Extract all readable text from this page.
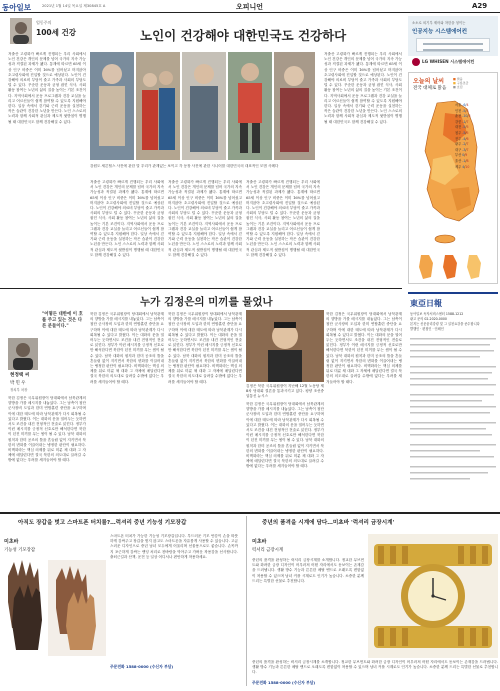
동아일보	2021년 1월 14일 목요일 제30845호 A	오피니언	A29
엄동주의
100세 건강	노인이 건강해야 대한민국도 건강하다

강원도 세븐힐스 사진에 관한 말 우리가 관계있는 보이고 각 동장 사진에 관한 시니어를 대한민국의 대표적인 모범 사례다

저출산 고령화가 빠르게 진행되는 우리 사회에서 노인 건강은 개인의 문제를 넘어 국가의 지속 가능성과 직결된 과제가 됐다. 통계에 따르면 65세 이상 인구 비중은 이미 16%를 넘어섰고 머지않아 초고령사회에 진입할 것으로 예상된다. 노인이 건강해야 의료비 부담이 줄고 가족과 사회의 부담도 덜 수 있다. 꾸준한 운동과 균형 잡힌 식사, 사회 활동 참여는 노년의 삶의 질을 높이는 기본 조건이다. 지역사회에서 운동 프로그램과 건강 교실을 늘리고 어르신들이 쉽게 참여할 수 있도록 지원해야 한다. 일상 속에서 걷기와 근력 운동을 실천하는 작은 습관이 건강한 노년을 만든다. 노인 스스로의 노력과 함께 사회적 관심과 제도적 뒷받침이 병행될 때 대한민국도 함께 건강해질 수 있다.

저출산 고령화가 빠르게 진행되는 우리 사회에서 노인 건강은 개인의 문제를 넘어 국가의 지속 가능성과 직결된 과제가 됐다. 통계에 따르면 65세 이상 인구 비중은 이미 16%를 넘어섰고 머지않아 초고령사회에 진입할 것으로 예상된다. 노인이 건강해야 의료비 부담이 줄고 가족과 사회의 부담도 덜 수 있다. 꾸준한 운동과 균형 잡힌 식사, 사회 활동 참여는 노년의 삶의 질을 높이는 기본 조건이다. 지역사회에서 운동 프로그램과 건강 교실을 늘리고 어르신들이 쉽게 참여할 수 있도록 지원해야 한다. 일상 속에서 걷기와 근력 운동을 실천하는 작은 습관이 건강한 노년을 만든다. 노인 스스로의 노력과 함께 사회적 관심과 제도적 뒷받침이 병행될 때 대한민국도 함께 건강해질 수 있다.

저출산 고령화가 빠르게 진행되는 우리 사회에서 노인 건강은 개인의 문제를 넘어 국가의 지속 가능성과 직결된 과제가 됐다. 통계에 따르면 65세 이상 인구 비중은 이미 16%를 넘어섰고 머지않아 초고령사회에 진입할 것으로 예상된다. 노인이 건강해야 의료비 부담이 줄고 가족과 사회의 부담도 덜 수 있다. 꾸준한 운동과 균형 잡힌 식사, 사회 활동 참여는 노년의 삶의 질을 높이는 기본 조건이다. 지역사회에서 운동 프로그램과 건강 교실을 늘리고 어르신들이 쉽게 참여할 수 있도록 지원해야 한다. 일상 속에서 걷기와 근력 운동을 실천하는 작은 습관이 건강한 노년을 만든다. 노인 스스로의 노력과 함께 사회적 관심과 제도적 뒷받침이 병행될 때 대한민국도 함께 건강해질 수 있다.

저출산 고령화가 빠르게 진행되는 우리 사회에서 노인 건강은 개인의 문제를 넘어 국가의 지속 가능성과 직결된 과제가 됐다. 통계에 따르면 65세 이상 인구 비중은 이미 16%를 넘어섰고 머지않아 초고령사회에 진입할 것으로 예상된다. 노인이 건강해야 의료비 부담이 줄고 가족과 사회의 부담도 덜 수 있다. 꾸준한 운동과 균형 잡힌 식사, 사회 활동 참여는 노년의 삶의 질을 높이는 기본 조건이다. 지역사회에서 운동 프로그램과 건강 교실을 늘리고 어르신들이 쉽게 참여할 수 있도록 지원해야 한다. 일상 속에서 걷기와 근력 운동을 실천하는 작은 습관이 건강한 노년을 만든다. 노인 스스로의 노력과 함께 사회적 관심과 제도적 뒷받침이 병행될 때 대한민국도 함께 건강해질 수 있다.

저출산 고령화가 빠르게 진행되는 우리 사회에서 노인 건강은 개인의 문제를 넘어 국가의 지속 가능성과 직결된 과제가 됐다. 통계에 따르면 65세 이상 인구 비중은 이미 16%를 넘어섰고 머지않아 초고령사회에 진입할 것으로 예상된다. 노인이 건강해야 의료비 부담이 줄고 가족과 사회의 부담도 덜 수 있다. 꾸준한 운동과 균형 잡힌 식사, 사회 활동 참여는 노년의 삶의 질을 높이는 기본 조건이다. 지역사회에서 운동 프로그램과 건강 교실을 늘리고 어르신들이 쉽게 참여할 수 있도록 지원해야 한다. 일상 속에서 걷기와 근력 운동을 실천하는 작은 습관이 건강한 노년을 만든다. 노인 스스로의 노력과 함께 사회적 관심과 제도적 뒷받침이 병행될 때 대한민국도 함께 건강해질 수 있다.

소소로 외기부 제어와 착한을 청이는
인공지능 시스템에어컨
LG WHISEN 시스템에어컨
오늘의 날씨
전국 대체로 맑음
■ 맑음
■ 구름조금
■ 흐림
서울 -6/4
인천 -5/3
춘천 -10/3
강릉 -1/7
대전 -5/5
청주 -5/5
전주 -4/6
광주 -2/7
대구 -3/7
부산 0/9
울산 -1/8
제주 4/10
누가 김정은의 미끼를 물었나

"어떻든 대한에 이 호를 주고 있는 것은 다른 분들이다."

현정택 씨
박 민 우
정치부 차장

북한 김정은 국무위원장이 당대회에서 남북관계의 향방을 가를 메시지를 내놓았다. 그는 남측이 첨단 군사장비 도입과 한미 연합훈련 중단을 요구하며 이에 대한 태도에 따라 남북관계가 다시 회복될 수 있다고 밝혔다. 이는 대화의 문을 열어두는 듯하면서도 조건을 내건 전형적인 전술로 읽힌다. 정부가 이런 메시지를 긍정적 신호로만 해석한다면 북한이 던진 미끼를 무는 셈이 될 수 있다. 남북 대화의 원칙과 한미 공조의 틀을 흔들림 없이 지키면서 북한의 변화를 이끌어내는 냉정한 판단이 필요하다. 비핵화라는 핵심 의제를 뒤로 미룬 채 대화 그 자체에 매달린다면 결국 북한의 의도대로 끌려갈 수밖에 없다는 우려를 새겨들어야 할 때다.

북한 김정은 국무위원장이 당대회에서 남북관계의 향방을 가를 메시지를 내놓았다. 그는 남측이 첨단 군사장비 도입과 한미 연합훈련 중단을 요구하며 이에 대한 태도에 따라 남북관계가 다시 회복될 수 있다고 밝혔다. 이는 대화의 문을 열어두는 듯하면서도 조건을 내건 전형적인 전술로 읽힌다. 정부가 이런 메시지를 긍정적 신호로만 해석한다면 북한이 던진 미끼를 무는 셈이 될 수 있다. 남북 대화의 원칙과 한미 공조의 틀을 흔들림 없이 지키면서 북한의 변화를 이끌어내는 냉정한 판단이 필요하다. 비핵화라는 핵심 의제를 뒤로 미룬 채 대화 그 자체에 매달린다면 결국 북한의 의도대로 끌려갈 수밖에 없다는 우려를 새겨들어야 할 때다.

북한 김정은 국무위원장이 당대회에서 남북관계의 향방을 가를 메시지를 내놓았다. 그는 남측이 첨단 군사장비 도입과 한미 연합훈련 중단을 요구하며 이에 대한 태도에 따라 남북관계가 다시 회복될 수 있다고 밝혔다. 이는 대화의 문을 열어두는 듯하면서도 조건을 내건 전형적인 전술로 읽힌다. 정부가 이런 메시지를 긍정적 신호로만 해석한다면 북한이 던진 미끼를 무는 셈이 될 수 있다. 남북 대화의 원칙과 한미 공조의 틀을 흔들림 없이 지키면서 북한의 변화를 이끌어내는 냉정한 판단이 필요하다. 비핵화라는 핵심 의제를 뒤로 미룬 채 대화 그 자체에 매달린다면 결국 북한의 의도대로 끌려갈 수밖에 없다는 우려를 새겨들어야 할 때다.

김정은 북한 국무위원장이 지난해 12월 노동당 제8차 당대회 결론을 통과시키고 있다. 평양 조선중앙통신 뉴시스

북한 김정은 국무위원장이 당대회에서 남북관계의 향방을 가를 메시지를 내놓았다. 그는 남측이 첨단 군사장비 도입과 한미 연합훈련 중단을 요구하며 이에 대한 태도에 따라 남북관계가 다시 회복될 수 있다고 밝혔다. 이는 대화의 문을 열어두는 듯하면서도 조건을 내건 전형적인 전술로 읽힌다. 정부가 이런 메시지를 긍정적 신호로만 해석한다면 북한이 던진 미끼를 무는 셈이 될 수 있다. 남북 대화의 원칙과 한미 공조의 틀을 흔들림 없이 지키면서 북한의 변화를 이끌어내는 냉정한 판단이 필요하다. 비핵화라는 핵심 의제를 뒤로 미룬 채 대화 그 자체에 매달린다면 결국 북한의 의도대로 끌려갈 수밖에 없다는 우려를 새겨들어야 할 때다.

북한 김정은 국무위원장이 당대회에서 남북관계의 향방을 가를 메시지를 내놓았다. 그는 남측이 첨단 군사장비 도입과 한미 연합훈련 중단을 요구하며 이에 대한 태도에 따라 남북관계가 다시 회복될 수 있다고 밝혔다. 이는 대화의 문을 열어두는 듯하면서도 조건을 내건 전형적인 전술로 읽힌다. 정부가 이런 메시지를 긍정적 신호로만 해석한다면 북한이 던진 미끼를 무는 셈이 될 수 있다. 남북 대화의 원칙과 한미 공조의 틀을 흔들림 없이 지키면서 북한의 변화를 이끌어내는 냉정한 판단이 필요하다. 비핵화라는 핵심 의제를 뒤로 미룬 채 대화 그 자체에 매달린다면 결국 북한의 의도대로 끌려갈 수밖에 없다는 우려를 새겨들어야 할 때다.

東亞日報
동아일보 독자서비스센터 1588-1212
광고 문의 02-2020-0000
본지는 신문윤리강령 및 그 실천요강을 준수합니다
발행인 · 편집인 · 인쇄인
아직도 장갑을 벗고 스마트폰 터치를?…럭셔리 중년 기능성 기모장갑
미초바
기능성 기모장갑

스마트폰 터치가 가능한 기능성 기모장갑입니다. 부드러운 기모 안감이 손을 따뜻하게 감싸주고 장갑을 벗지 않고도 스마트폰을 자유롭게 사용할 수 있습니다. 고급스러운 디자인으로 중년 남녀 모두에게 어울리며 선물용으로도 좋습니다. 손목까지 포근하게 감싸는 밴딩 처리로 찬바람을 막아주고 가벼운 착용감을 선사합니다. 출퇴근길과 산책, 운전 등 일상 어디서나 편안하게 착용하세요.

주문전화 1588-0000 (수신자 부담)

중년의 품격을 시계에 담다…미초바 '럭셔리 금장시계'
미초바
럭셔리 금장시계

중년의 품격을 완성하는 럭셔리 금장시계를 소개합니다. 정교한 무브먼트와 화려한 금장 디자인이 어우러져 어떤 자리에서도 돋보이는 존재감을 드러냅니다. 생활 방수 기능과 튼튼한 메탈 밴드로 오래도록 변함없이 착용할 수 있으며 남녀 커플 시계로도 인기가 높습니다. 소중한 분께 드리는 특별한 선물로 추천합니다.

중년의 품격을 완성하는 럭셔리 금장시계를 소개합니다. 정교한 무브먼트와 화려한 금장 디자인이 어우러져 어떤 자리에서도 돋보이는 존재감을 드러냅니다. 생활 방수 기능과 튼튼한 메탈 밴드로 오래도록 변함없이 착용할 수 있으며 남녀 커플 시계로도 인기가 높습니다. 소중한 분께 드리는 특별한 선물로 추천합니다.

주문전화 1588-0000 (수신자 부담)
